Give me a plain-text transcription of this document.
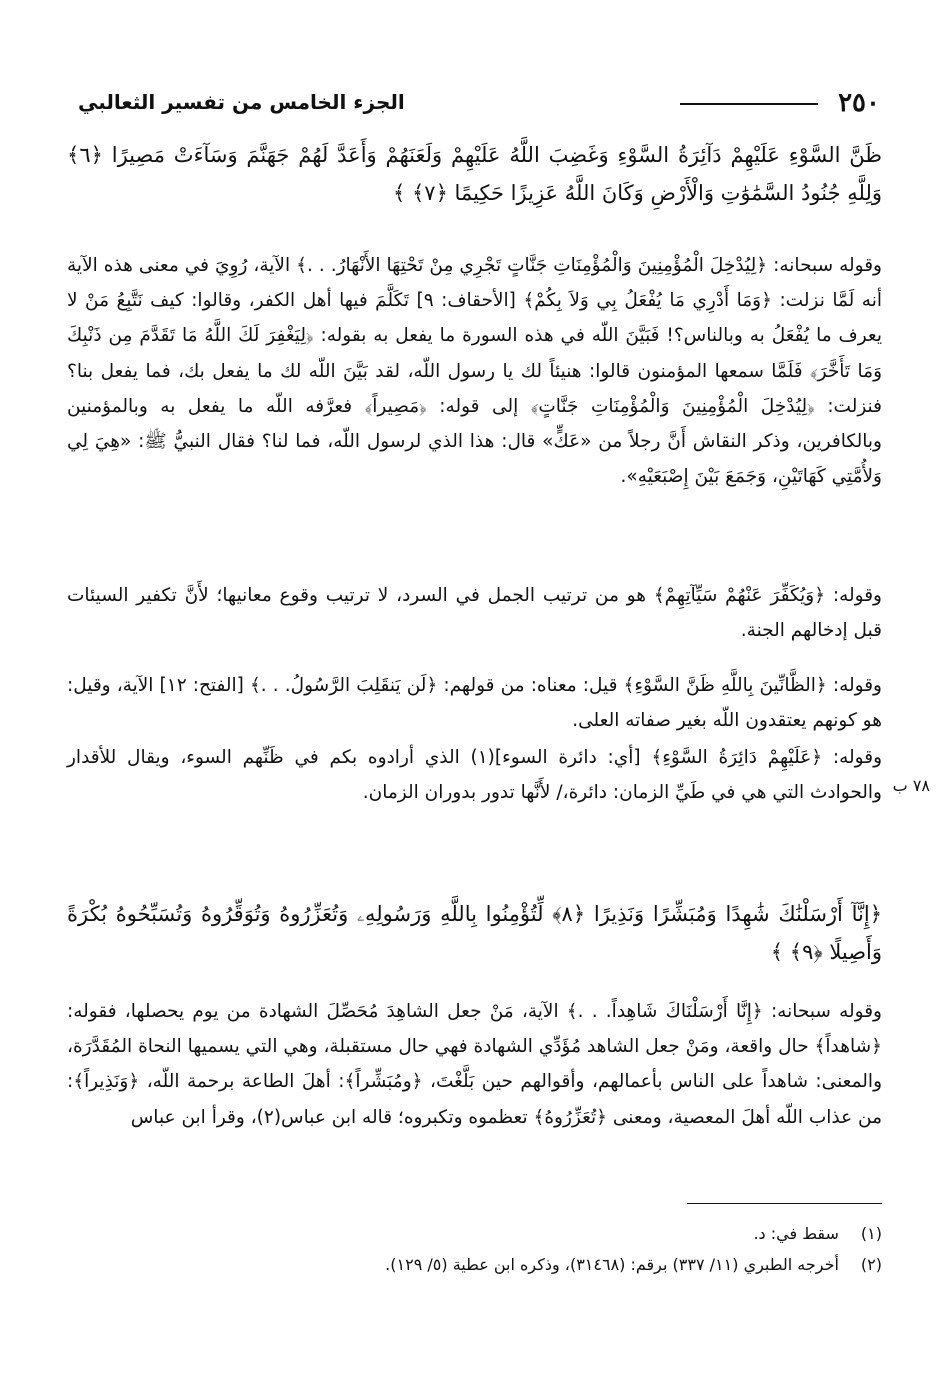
٢٥٠
الجزء الخامس من تفسير الثعالبي
ظَنَّ السَّوْءِ عَلَيْهِمْ دَآئِرَةُ السَّوْءِ وَغَضِبَ اللَّهُ عَلَيْهِمْ وَلَعَنَهُمْ وَأَعَدَّ لَهُمْ جَهَنَّمَ وَسَآءَتْ مَصِيرًا ﴿٦﴾ وَلِلَّهِ جُنُودُ السَّمَٰوَٰتِ وَالْأَرْضِ وَكَانَ اللَّهُ عَزِيزًا حَكِيمًا ﴿٧﴾ ﴾
وقوله سبحانه: ﴿لِيُدْخِلَ الْمُؤْمِنِينَ وَالْمُؤْمِنَاتِ جَنَّاتٍ تَجْرِي مِنْ تَحْتِهَا الأَنْهَارُ. . .﴾ الآية، رُوِيَ في معنى هذه الآية أنه لَمَّا نزلت: ﴿وَمَا أَدْرِي مَا يُفْعَلُ بِي وَلاَ بِكُمْ﴾ [الأحقاف: ٩] تَكَلَّمَ فيها أهل الكفر، وقالوا: كيف نَتَّبِعُ مَنْ لا يعرف ما يُفْعَلُ به وبالناس؟! فَبَيَّنَ اللّه في هذه السورة ما يفعل به بقوله: ﴿لِيَغْفِرَ لَكَ اللَّهُ مَا تَقَدَّمَ مِن ذَنْبِكَ وَمَا تَأَخَّرَ﴾ فَلَمَّا سمعها المؤمنون قالوا: هنيئاً لك يا رسول اللّه، لقد بَيَّنَ اللّه لك ما يفعل بك، فما يفعل بنا؟ فنزلت: ﴿لِيُدْخِلَ الْمُؤْمِنِينَ وَالْمُؤْمِنَاتِ جَنَّاتٍ﴾ إلى قوله: ﴿مَصِيراً﴾ فعرَّفه اللّه ما يفعل به وبالمؤمنين وبالكافرين، وذكر النقاش أَنَّ رجلاً من «عَكٍّ» قال: هذا الذي لرسول اللّه، فما لنا؟ فقال النبيُّ ﷺ: «هِيَ لِي وَلأُمَّتِي كَهَاتَيْنِ، وَجَمَعَ بَيْنَ إِصْبَعَيْهِ».
وقوله: ﴿وَيُكَفِّرَ عَنْهُمْ سَيِّآتِهِمْ﴾ هو من ترتيب الجمل في السرد، لا ترتيب وقوع معانيها؛ لأَنَّ تكفير السيئات قبل إدخالهم الجنة.
وقوله: ﴿الظَّانِّينَ بِاللَّهِ ظَنَّ السَّوْءِ﴾ قيل: معناه: من قولهم: ﴿لَن يَنقَلِبَ الرَّسُولُ. . .﴾ [الفتح: ١٢] الآية، وقيل: هو كونهم يعتقدون اللّه بغير صفاته العلى.
وقوله: ﴿عَلَيْهِمْ دَائِرَةُ السَّوْءِ﴾ [أي: دائرة السوء](١) الذي أرادوه بكم في ظَنِّهم السوء، ويقال للأقدار والحوادث التي هي في طَيِّ الزمان: دائرة،/ لأَنَّها تدور بدوران الزمان. ٧٨ ب
﴿إِنَّآ أَرْسَلْنَٰكَ شَٰهِدًا وَمُبَشِّرًا وَنَذِيرًا ﴿٨﴾ لِّتُؤْمِنُوا بِاللَّهِ وَرَسُولِهِۦ وَتُعَزِّرُوهُ وَتُوَقِّرُوهُ وَتُسَبِّحُوهُ بُكْرَةً وَأَصِيلًا ﴿٩﴾ ﴾
وقوله سبحانه: ﴿إِنَّا أَرْسَلْنَاكَ شَاهِداً. . .﴾ الآية، مَنْ جعل الشاهِدَ مُحَصِّلَ الشهادة من يوم يحصلها، فقوله: ﴿شاهداً﴾ حال واقعة، ومَنْ جعل الشاهد مُؤَدِّي الشهادة فهي حال مستقبلة، وهي التي يسميها النحاة المُقَدَّرَة، والمعنى: شاهداً على الناس بأعمالهم، وأقوالهم حين بَلَّغْتَ، ﴿ومُبَشِّراً﴾: أهلَ الطاعة برحمة اللّه، ﴿وَنَذِيراً﴾: من عذاب اللّه أهلَ المعصية، ومعنى ﴿تُعَزِّرُوهُ﴾ تعظموه وتكبروه؛ قاله ابن عباس(٢)، وقرأ ابن عباس
(١) سقط في: د.
(٢) أخرجه الطبري (١١/ ٣٣٧) برقم: (٣١٤٦٨)، وذكره ابن عطية (٥/ ١٢٩).
